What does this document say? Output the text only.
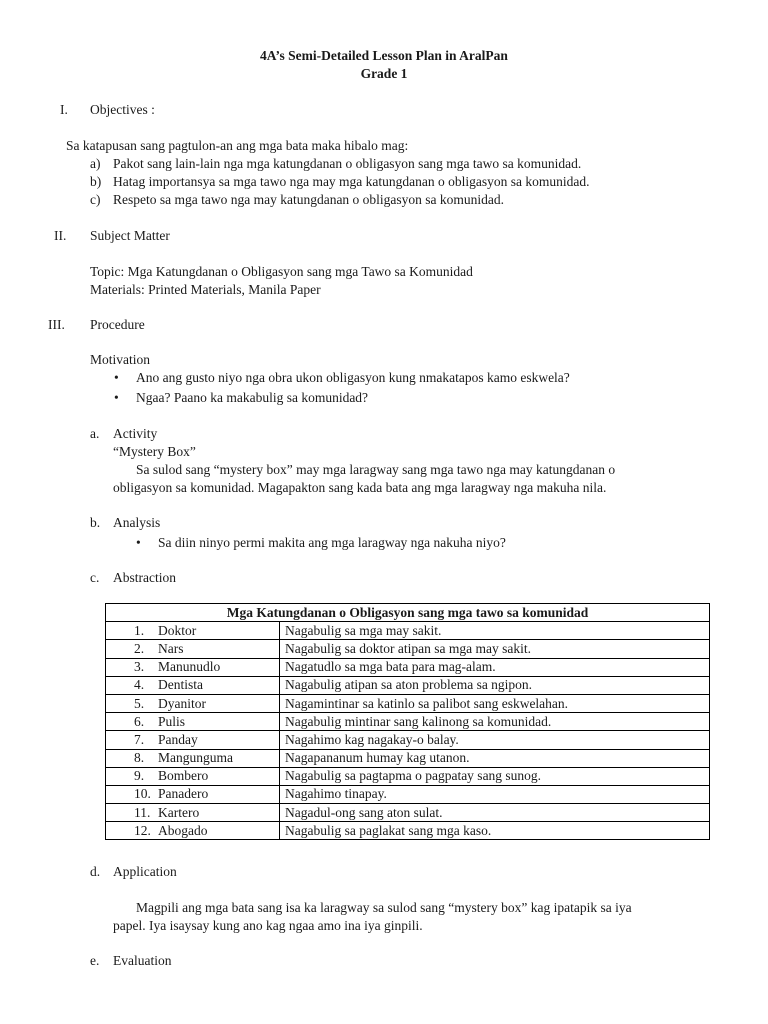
4A’s Semi-Detailed Lesson Plan in AralPan
Grade 1
I. Objectives :
Sa katapusan sang pagtulon-an ang mga bata maka hibalo mag:
a) Pakot sang lain-lain nga mga katungdanan o obligasyon sang mga tawo sa komunidad.
b) Hatag importansya sa mga tawo nga may mga katungdanan o obligasyon sa komunidad.
c) Respeto sa mga tawo nga may katungdanan o obligasyon sa komunidad.
II. Subject Matter
Topic: Mga Katungdanan o Obligasyon sang mga Tawo sa Komunidad
Materials: Printed Materials, Manila Paper
III. Procedure
Motivation
• Ano ang gusto niyo nga obra ukon obligasyon kung nmakatapos kamo eskwela?
• Ngaa? Paano ka makabulig sa komunidad?
a. Activity
“Mystery Box”
Sa sulod sang “mystery box” may mga laragway sang mga tawo nga may katungdanan o
obligasyon sa komunidad. Magapakton sang kada bata ang mga laragway nga makuha nila.
b. Analysis
• Sa diin ninyo permi makita ang mga laragway nga nakuha niyo?
c. Abstraction
Mga Katungdanan o Obligasyon sang mga tawo sa komunidad	
1. Doktor	Nagabulig sa mga may sakit.
2. Nars	Nagabulig sa doktor atipan sa mga may sakit.
3. Manunudlo	Nagatudlo sa mga bata para mag-alam.
4. Dentista	Nagabulig atipan sa aton problema sa ngipon.
5. Dyanitor	Nagamintinar sa katinlo sa palibot sang eskwelahan.
6. Pulis	Nagabulig mintinar sang kalinong sa komunidad.
7. Panday	Nagahimo kag nagakay-o balay.
8. Mangunguma	Nagapananum humay kag utanon.
9. Bombero	Nagabulig sa pagtapma o pagpatay sang sunog.
10. Panadero	Nagahimo tinapay.
11. Kartero	Nagadul-ong sang aton sulat.
12. Abogado	Nagabulig sa paglakat sang mga kaso.
d. Application
Magpili ang mga bata sang isa ka laragway sa sulod sang “mystery box” kag ipatapik sa iya
papel. Iya isaysay kung ano kag ngaa amo ina iya ginpili.
e. Evaluation
